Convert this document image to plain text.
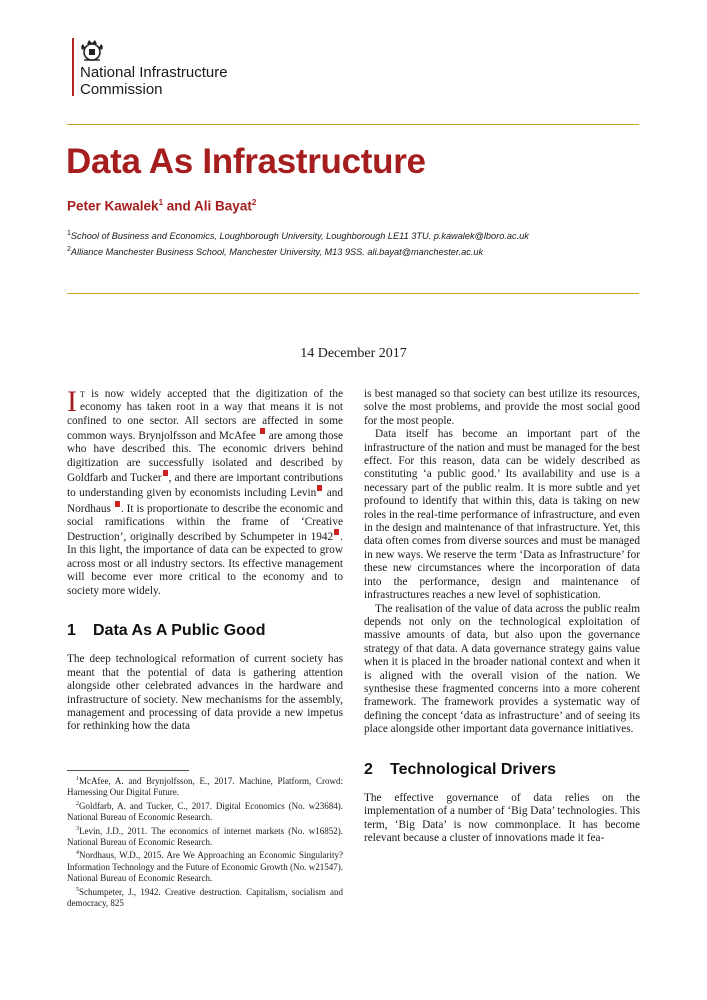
National Infrastructure
Commission
Data As Infrastructure
Peter Kawalek$^1$ and Ali Bayat$^2$
$^1$School of Business and Economics, Loughborough University, Loughborough LE11 3TU. p.kawalek@lboro.ac.uk
$^2$Alliance Manchester Business School, Manchester University, M13 9SS. ali.bayat@manchester.ac.uk
14 December 2017

It is now widely accepted that the digitization of the economy has taken root in a way that means it is not confined to one sector. All sectors are affected in some common ways. Brynjolfsson and McAfee are among those who have described this. The economic drivers behind digitization are successfully isolated and described by Goldfarb and Tucker , and there are important contributions to understanding given by economists including Levin and Nordhaus . It is proportionate to describe the economic and social ramifications within the frame of ‘Creative Destruction’, originally described by Schumpeter in 1942 . In this light, the importance of data can be expected to grow across most or all industry sectors. Its effective management will become ever more critical to the economy and to society more widely.

1 Data As A Public Good

The deep technological reformation of current society has meant that the potential of data is gathering attention alongside other celebrated advances in the hardware and infrastructure of society. New mechanisms for the assembly, management and processing of data provide a new impetus for rethinking how the data

$^1$McAfee, A. and Brynjolfsson, E., 2017. Machine, Platform, Crowd: Harnessing Our Digital Future.

$^2$Goldfarb, A. and Tucker, C., 2017. Digital Economics (No. w23684). National Bureau of Economic Research.

$^3$Levin, J.D., 2011. The economics of internet markets (No. w16852). National Bureau of Economic Research.

$^4$Nordhaus, W.D., 2015. Are We Approaching an Economic Singularity? Information Technology and the Future of Economic Growth (No. w21547). National Bureau of Economic Research.

$^5$Schumpeter, J., 1942. Creative destruction. Capitalism, socialism and democracy, 825

is best managed so that society can best utilize its resources, solve the most problems, and provide the most social good for the most people.

Data itself has become an important part of the infrastructure of the nation and must be managed for the best effect. For this reason, data can be widely described as constituting ‘a public good.’ Its availability and use is a necessary part of the public realm. It is more subtle and yet profound to identify that within this, data is taking on new roles in the real-time performance of infrastructure, and even in the design and maintenance of that infrastructure. Yet, this data often comes from diverse sources and must be managed in new ways. We reserve the term ‘Data as Infrastructure’ for these new circumstances where the incorporation of data into the performance, design and maintenance of infrastructures reaches a new level of sophistication.

The realisation of the value of data across the public realm depends not only on the technological exploitation of massive amounts of data, but also upon the governance strategy of that data. A data governance strategy gains value when it is placed in the broader national context and when it is aligned with the overall vision of the nation. We synthesise these fragmented concerns into a more coherent framework. The framework provides a systematic way of defining the concept ‘data as infrastructure’ and of seeing its place alongside other important data governance initiatives.

2 Technological Drivers

The effective governance of data relies on the implementation of a number of ‘Big Data’ technologies. This term, ‘Big Data’ is now commonplace. It has become relevant because a cluster of innovations made it fea-
